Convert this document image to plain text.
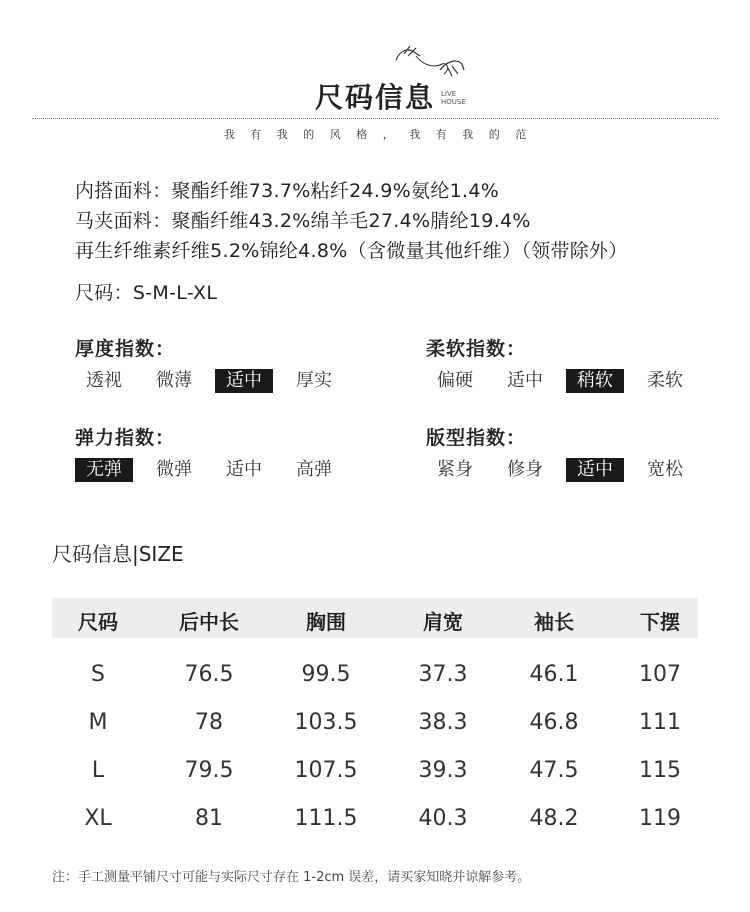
尺码信息 LIVE
HOUSE
我 有 我 的 风 格 ， 我 有 我 的 范
内搭面料：聚酯纤维73.7%粘纤24.9%氨纶1.4%
马夹面料：聚酯纤维43.2%绵羊毛27.4%腈纶19.4%
再生纤维素纤维5.2%锦纶4.8%（含微量其他纤维）（领带除外）
尺码：S-M-L-XL
厚度指数：
透视	微薄	适中	厚实
柔软指数：
偏硬	适中	稍软	柔软
弹力指数：
无弹	微弹	适中	高弹
版型指数：
紧身	修身	适中	宽松
尺码信息|SIZE
尺码	后中长	胸围	肩宽	袖长	下摆
S	76.5	99.5	37.3	46.1	107
M	78	103.5	38.3	46.8	111
L	79.5	107.5	39.3	47.5	115
XL	81	111.5	40.3	48.2	119
注：手工测量平铺尺寸可能与实际尺寸存在 1-2cm 误差，请买家知晓并谅解参考。
